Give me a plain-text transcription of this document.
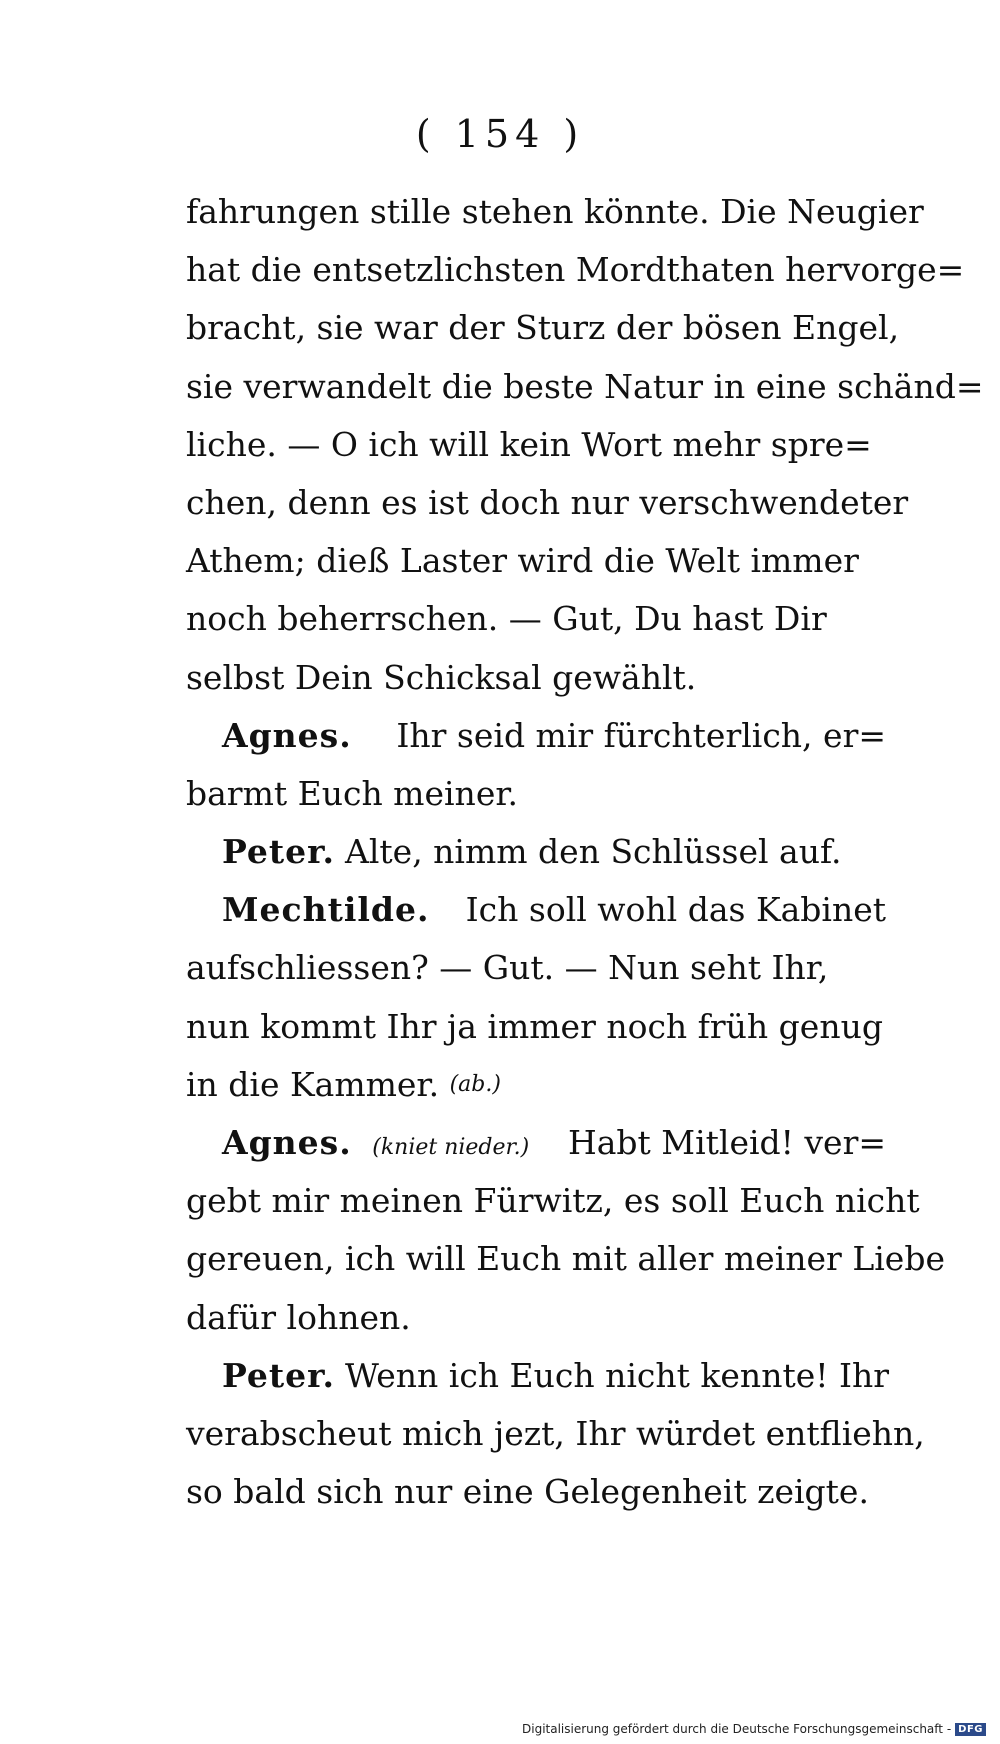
( 154 )
fahrungen stille stehen könnte. Die Neugier
hat die entsetzlichsten Mordthaten hervorge=
bracht, sie war der Sturz der bösen Engel,
sie verwandelt die beste Natur in eine schänd=
liche. — O ich will kein Wort mehr spre=
chen, denn es ist doch nur verschwendeter
Athem; dieß Laster wird die Welt immer
noch beherrschen. — Gut, Du hast Dir
selbst Dein Schicksal gewählt.
Agnes. Ihr seid mir fürchterlich, er=
barmt Euch meiner.
Peter. Alte, nimm den Schlüssel auf.
Mechtilde. Ich soll wohl das Kabinet
aufschliessen? — Gut. — Nun seht Ihr,
nun kommt Ihr ja immer noch früh genug
in die Kammer.
(ab.)
Agnes. (kniet nieder.)	Habt Mitleid! ver=
gebt mir meinen Fürwitz, es soll Euch nicht
gereuen, ich will Euch mit aller meiner Liebe
dafür lohnen.
Peter. Wenn ich Euch nicht kennte! Ihr
verabscheut mich jezt, Ihr würdet entfliehn,
so bald sich nur eine Gelegenheit zeigte.
Digitalisierung gefördert durch die Deutsche Forschungsgemeinschaft - DFG
